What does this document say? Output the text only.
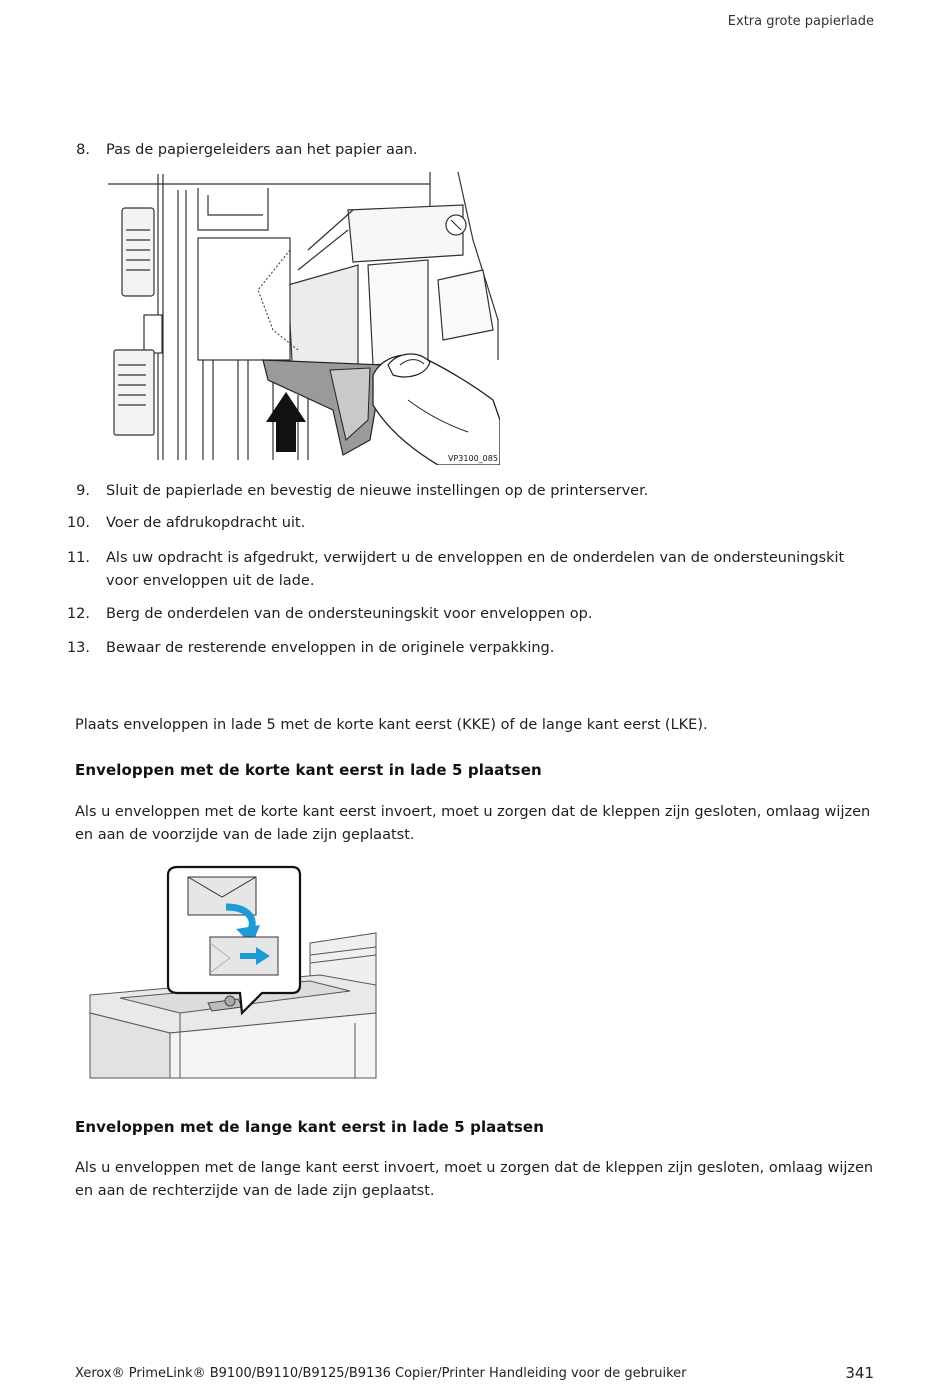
Extra grote papierlade
8. Pas de papiergeleiders aan het papier aan.
VP3100_085
9. Sluit de papierlade en bevestig de nieuwe instellingen op de printerserver.
10. Voer de afdrukopdracht uit.
11. Als uw opdracht is afgedrukt, verwijdert u de enveloppen en de onderdelen van de ondersteuningskit voor enveloppen uit de lade.
12. Berg de onderdelen van de ondersteuningskit voor enveloppen op.
13. Bewaar de resterende enveloppen in de originele verpakking.
Plaats enveloppen in lade 5 met de korte kant eerst (KKE) of de lange kant eerst (LKE).
Enveloppen met de korte kant eerst in lade 5 plaatsen
Als u enveloppen met de korte kant eerst invoert, moet u zorgen dat de kleppen zijn gesloten, omlaag wijzen en aan de voorzijde van de lade zijn geplaatst.
Enveloppen met de lange kant eerst in lade 5 plaatsen
Als u enveloppen met de lange kant eerst invoert, moet u zorgen dat de kleppen zijn gesloten, omlaag wijzen en aan de rechterzijde van de lade zijn geplaatst.
Xerox® PrimeLink® B9100/B9110/B9125/B9136 Copier/Printer Handleiding voor de gebruiker	341
